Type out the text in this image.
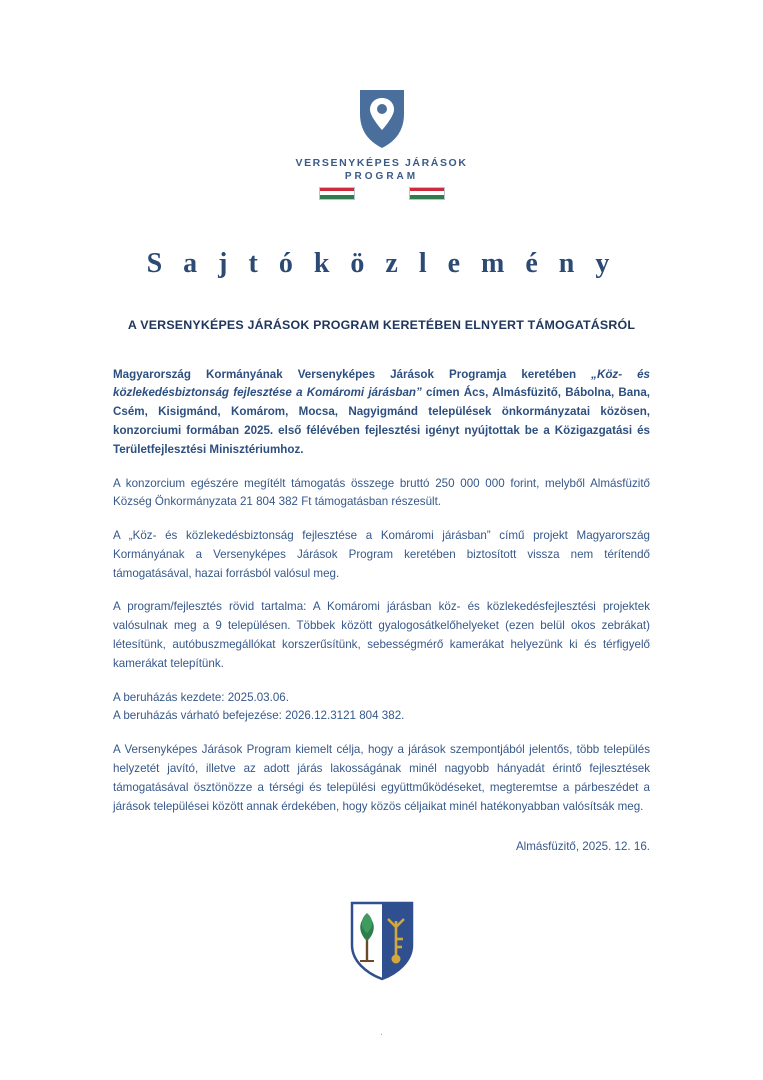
VERSENYKÉPES JÁRÁSOK
PROGRAM
S a j t ó k ö z l e m é n y
A VERSENYKÉPES JÁRÁSOK PROGRAM KERETÉBEN ELNYERT TÁMOGATÁSRÓL

Magyarország Kormányának Versenyképes Járások Programja keretében „Köz- és közlekedésbiztonság fejlesztése a Komáromi járásban” címen Ács, Almásfüzitő, Bábolna, Bana, Csém, Kisigmánd, Komárom, Mocsa, Nagyigmánd települések önkormányzatai közösen, konzorciumi formában 2025. első félévében fejlesztési igényt nyújtottak be a Közigazgatási és Területfejlesztési Minisztériumhoz.

A konzorcium egészére megítélt támogatás összege bruttó 250 000 000 forint, melyből Almásfüzitő Község Önkormányzata 21 804 382 Ft támogatásban részesült.

A „Köz- és közlekedésbiztonság fejlesztése a Komáromi járásban” című projekt Magyarország Kormányának a Versenyképes Járások Program keretében biztosított vissza nem térítendő támogatásával, hazai forrásból valósul meg.

A program/fejlesztés rövid tartalma: A Komáromi járásban köz- és közlekedésfejlesztési projektek valósulnak meg a 9 településen. Többek között gyalogosátkelőhelyeket (ezen belül okos zebrákat) létesítünk, autóbuszmegállókat korszerűsítünk, sebességmérő kamerákat helyezünk ki és térfigyelő kamerákat telepítünk.

A beruházás kezdete: 2025.03.06.

A beruházás várható befejezése: 2026.12.3121 804 382.

A Versenyképes Járások Program kiemelt célja, hogy a járások szempontjából jelentős, több település helyzetét javító, illetve az adott járás lakosságának minél nagyobb hányadát érintő fejlesztések támogatásával ösztönözze a térségi és települési együttműködéseket, megteremtse a párbeszédet a járások települései között annak érdekében, hogy közös céljaikat minél hatékonyabban valósítsák meg.

Almásfüzitő, 2025. 12. 16.
.
